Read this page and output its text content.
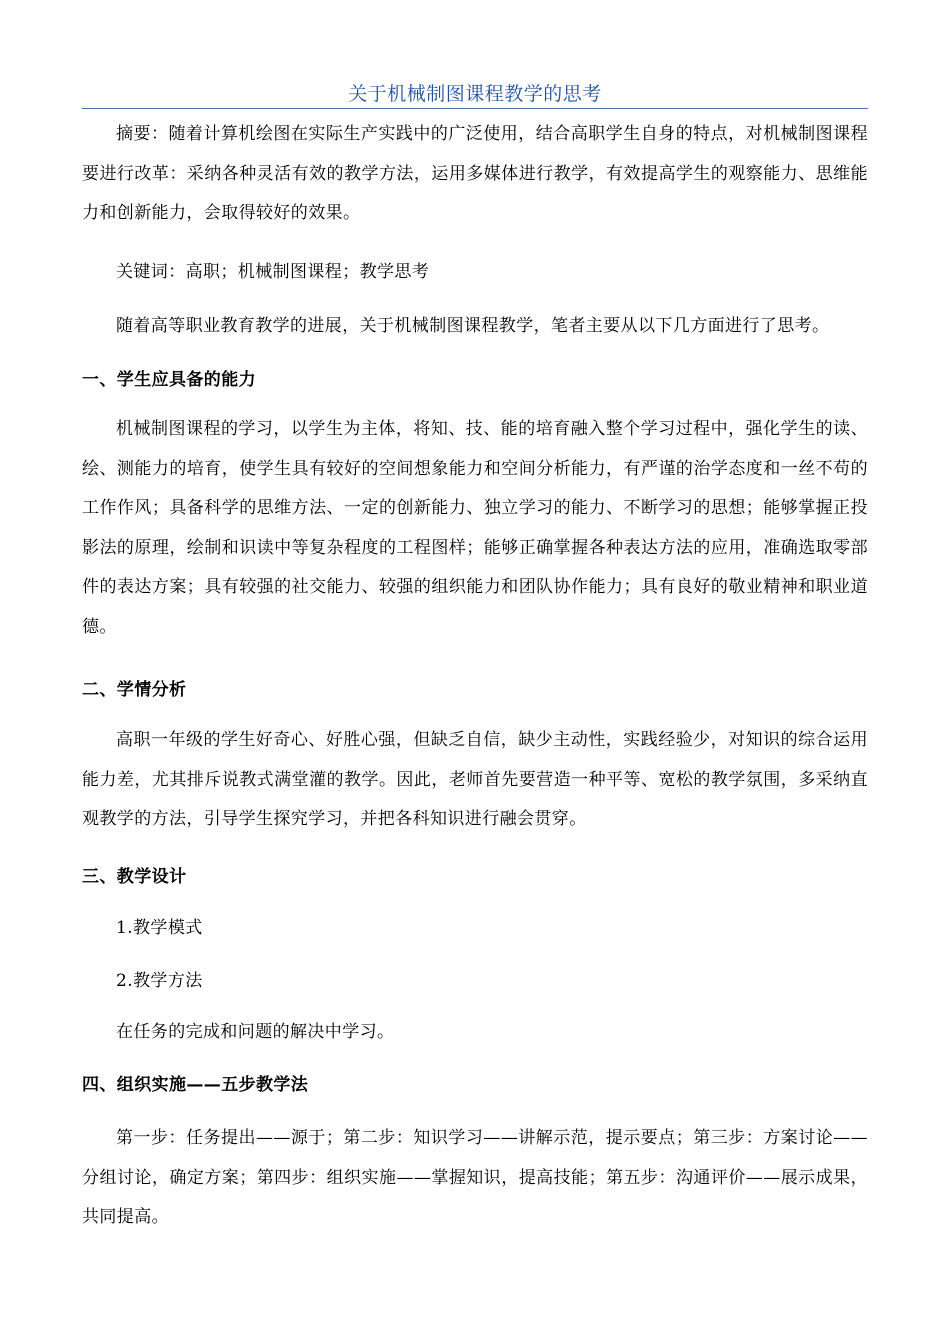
关于机械制图课程教学的思考

摘要：随着计算机绘图在实际生产实践中的广泛使用，结合高职学生自身的特点，对机械制图课程要进行改革：采纳各种灵活有效的教学方法，运用多媒体进行教学，有效提高学生的观察能力、思维能力和创新能力，会取得较好的效果。

关键词：高职；机械制图课程；教学思考

随着高等职业教育教学的进展，关于机械制图课程教学，笔者主要从以下几方面进行了思考。

一、学生应具备的能力

机械制图课程的学习，以学生为主体，将知、技、能的培育融入整个学习过程中，强化学生的读、绘、测能力的培育，使学生具有较好的空间想象能力和空间分析能力，有严谨的治学态度和一丝不苟的工作作风；具备科学的思维方法、一定的创新能力、独立学习的能力、不断学习的思想；能够掌握正投影法的原理，绘制和识读中等复杂程度的工程图样；能够正确掌握各种表达方法的应用，准确选取零部件的表达方案；具有较强的社交能力、较强的组织能力和团队协作能力；具有良好的敬业精神和职业道德。

二、学情分析

高职一年级的学生好奇心、好胜心强，但缺乏自信，缺少主动性，实践经验少，对知识的综合运用能力差，尤其排斥说教式满堂灌的教学。因此，老师首先要营造一种平等、宽松的教学氛围，多采纳直观教学的方法，引导学生探究学习，并把各科知识进行融会贯穿。

三、教学设计

1.教学模式

2.教学方法

在任务的完成和问题的解决中学习。

四、组织实施——五步教学法

第一步：任务提出——源于；第二步：知识学习——讲解示范，提示要点；第三步：方案讨论——分组讨论，确定方案；第四步：组织实施——掌握知识，提高技能；第五步：沟通评价——展示成果，共同提高。
